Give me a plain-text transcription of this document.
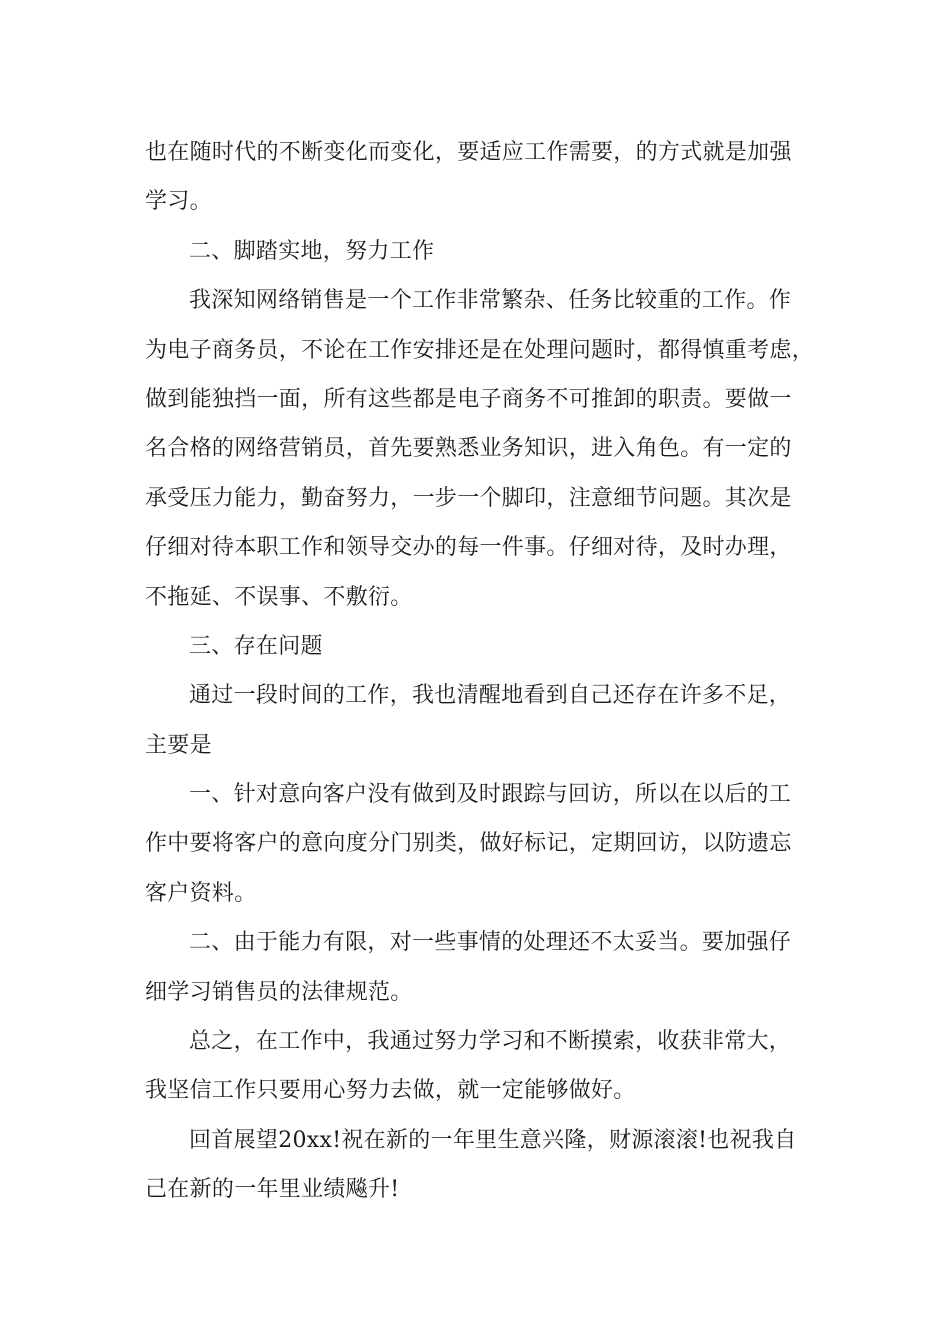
也在随时代的不断变化而变化，要适应工作需要，的方式就是加强
学习。
二、脚踏实地，努力工作
我深知网络销售是一个工作非常繁杂、任务比较重的工作。作
为电子商务员，不论在工作安排还是在处理问题时，都得慎重考虑，
做到能独挡一面，所有这些都是电子商务不可推卸的职责。要做一
名合格的网络营销员，首先要熟悉业务知识，进入角色。有一定的
承受压力能力，勤奋努力，一步一个脚印，注意细节问题。其次是
仔细对待本职工作和领导交办的每一件事。仔细对待，及时办理，
不拖延、不误事、不敷衍。
三、存在问题
通过一段时间的工作，我也清醒地看到自己还存在许多不足，
主要是
一、针对意向客户没有做到及时跟踪与回访，所以在以后的工
作中要将客户的意向度分门别类，做好标记，定期回访，以防遗忘
客户资料。
二、由于能力有限，对一些事情的处理还不太妥当。要加强仔
细学习销售员的法律规范。
总之，在工作中，我通过努力学习和不断摸索，收获非常大，
我坚信工作只要用心努力去做，就一定能够做好。
回首展望20xx!祝在新的一年里生意兴隆，财源滚滚!也祝我自
己在新的一年里业绩飚升!
